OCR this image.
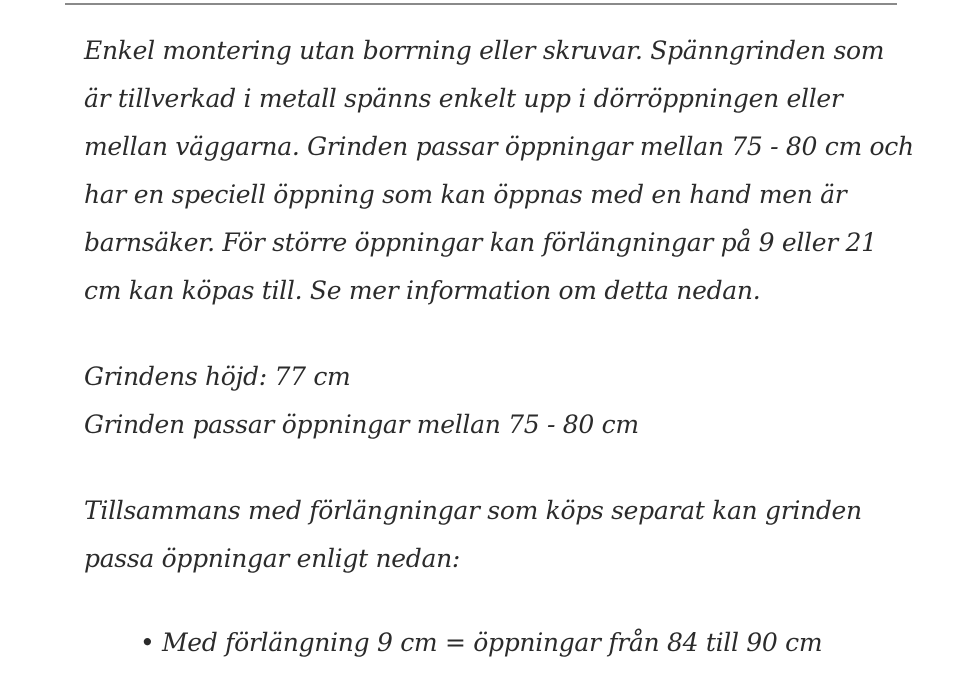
Enkel montering utan borrning eller skruvar. Spänngrinden som är tillverkad i metall spänns enkelt upp i dörröppningen eller mellan väggarna. Grinden passar öppningar mellan 75 - 80 cm och har en speciell öppning som kan öppnas med en hand men är barnsäker. För större öppningar kan förlängningar på 9 eller 21 cm kan köpas till. Se mer information om detta nedan.

Grindens höjd: 77 cm
Grinden passar öppningar mellan 75 - 80 cm

Tillsammans med förlängningar som köps separat kan grinden passa öppningar enligt nedan:

• Med förlängning 9 cm = öppningar från 84 till 90 cm
